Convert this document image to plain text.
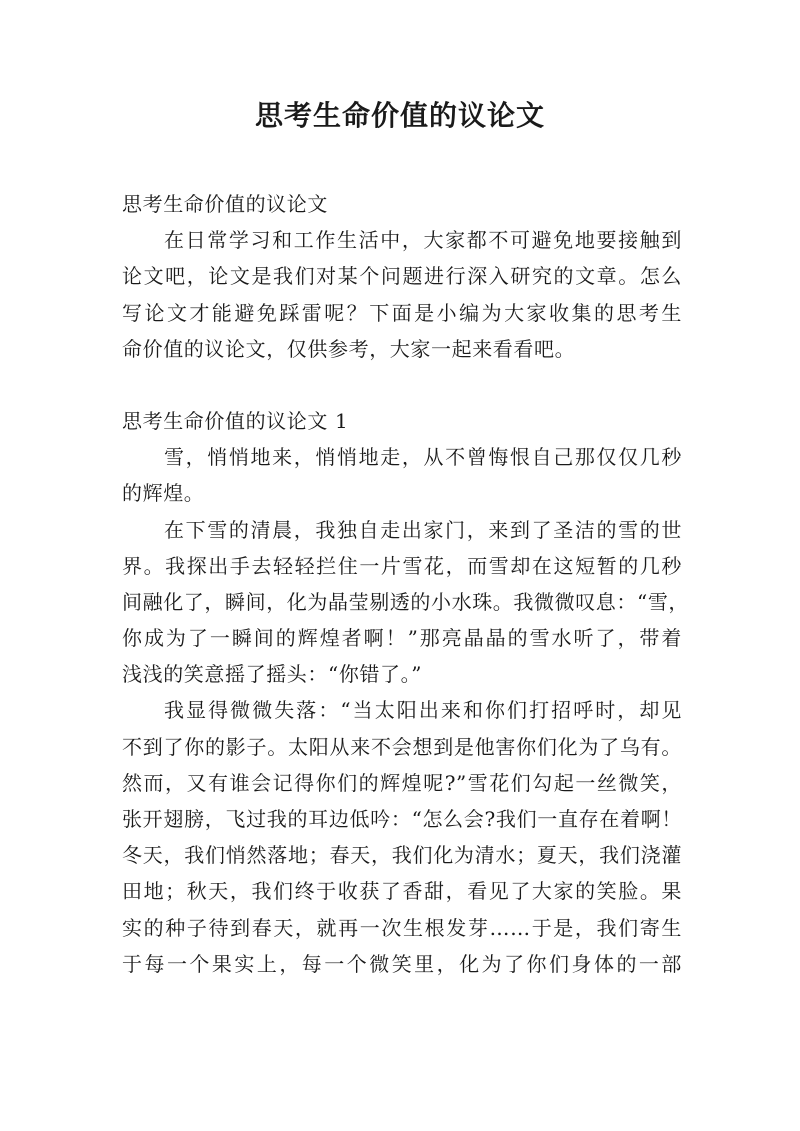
思考生命价值的议论文
思考生命价值的议论文
在日常学习和工作生活中，大家都不可避免地要接触到
论文吧，论文是我们对某个问题进行深入研究的文章。怎么
写论文才能避免踩雷呢？下面是小编为大家收集的思考生
命价值的议论文，仅供参考，大家一起来看看吧。
思考生命价值的议论文 1
雪，悄悄地来，悄悄地走，从不曾悔恨自己那仅仅几秒
的辉煌。
在下雪的清晨，我独自走出家门，来到了圣洁的雪的世
界。我探出手去轻轻拦住一片雪花，而雪却在这短暂的几秒
间融化了，瞬间，化为晶莹剔透的小水珠。我微微叹息：“雪，
你成为了一瞬间的辉煌者啊！”那亮晶晶的雪水听了，带着
浅浅的笑意摇了摇头：“你错了。”
我显得微微失落：“当太阳出来和你们打招呼时，却见
不到了你的影子。太阳从来不会想到是他害你们化为了乌有。
然而，又有谁会记得你们的辉煌呢?”雪花们勾起一丝微笑，
张开翅膀，飞过我的耳边低吟：“怎么会?我们一直存在着啊！
冬天，我们悄然落地；春天，我们化为清水；夏天，我们浇灌
田地；秋天，我们终于收获了香甜，看见了大家的笑脸。果
实的种子待到春天，就再一次生根发芽……于是，我们寄生
于每一个果实上，每一个微笑里，化为了你们身体的一部
